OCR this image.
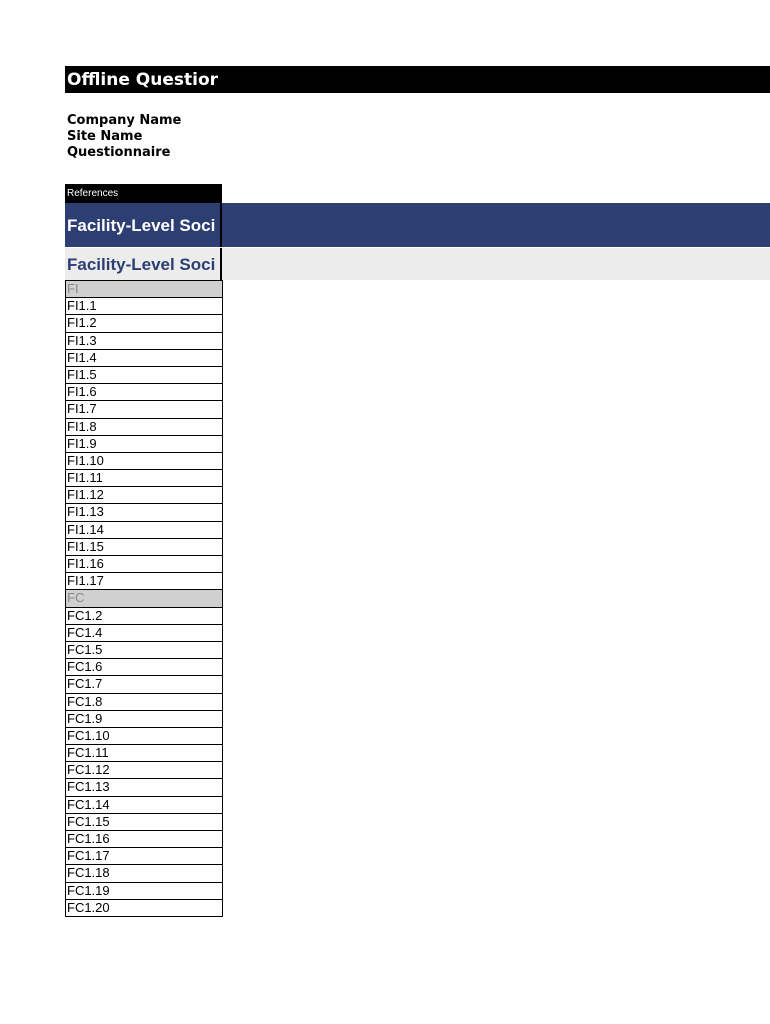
Offline Questior
Company Name
Site Name
Questionnaire
References
Facility-Level Soci
Facility-Level Soci
FI
FI1.1
FI1.2
FI1.3
FI1.4
FI1.5
FI1.6
FI1.7
FI1.8
FI1.9
FI1.10
FI1.11
FI1.12
FI1.13
FI1.14
FI1.15
FI1.16
FI1.17
FC
FC1.2
FC1.4
FC1.5
FC1.6
FC1.7
FC1.8
FC1.9
FC1.10
FC1.11
FC1.12
FC1.13
FC1.14
FC1.15
FC1.16
FC1.17
FC1.18
FC1.19
FC1.20
